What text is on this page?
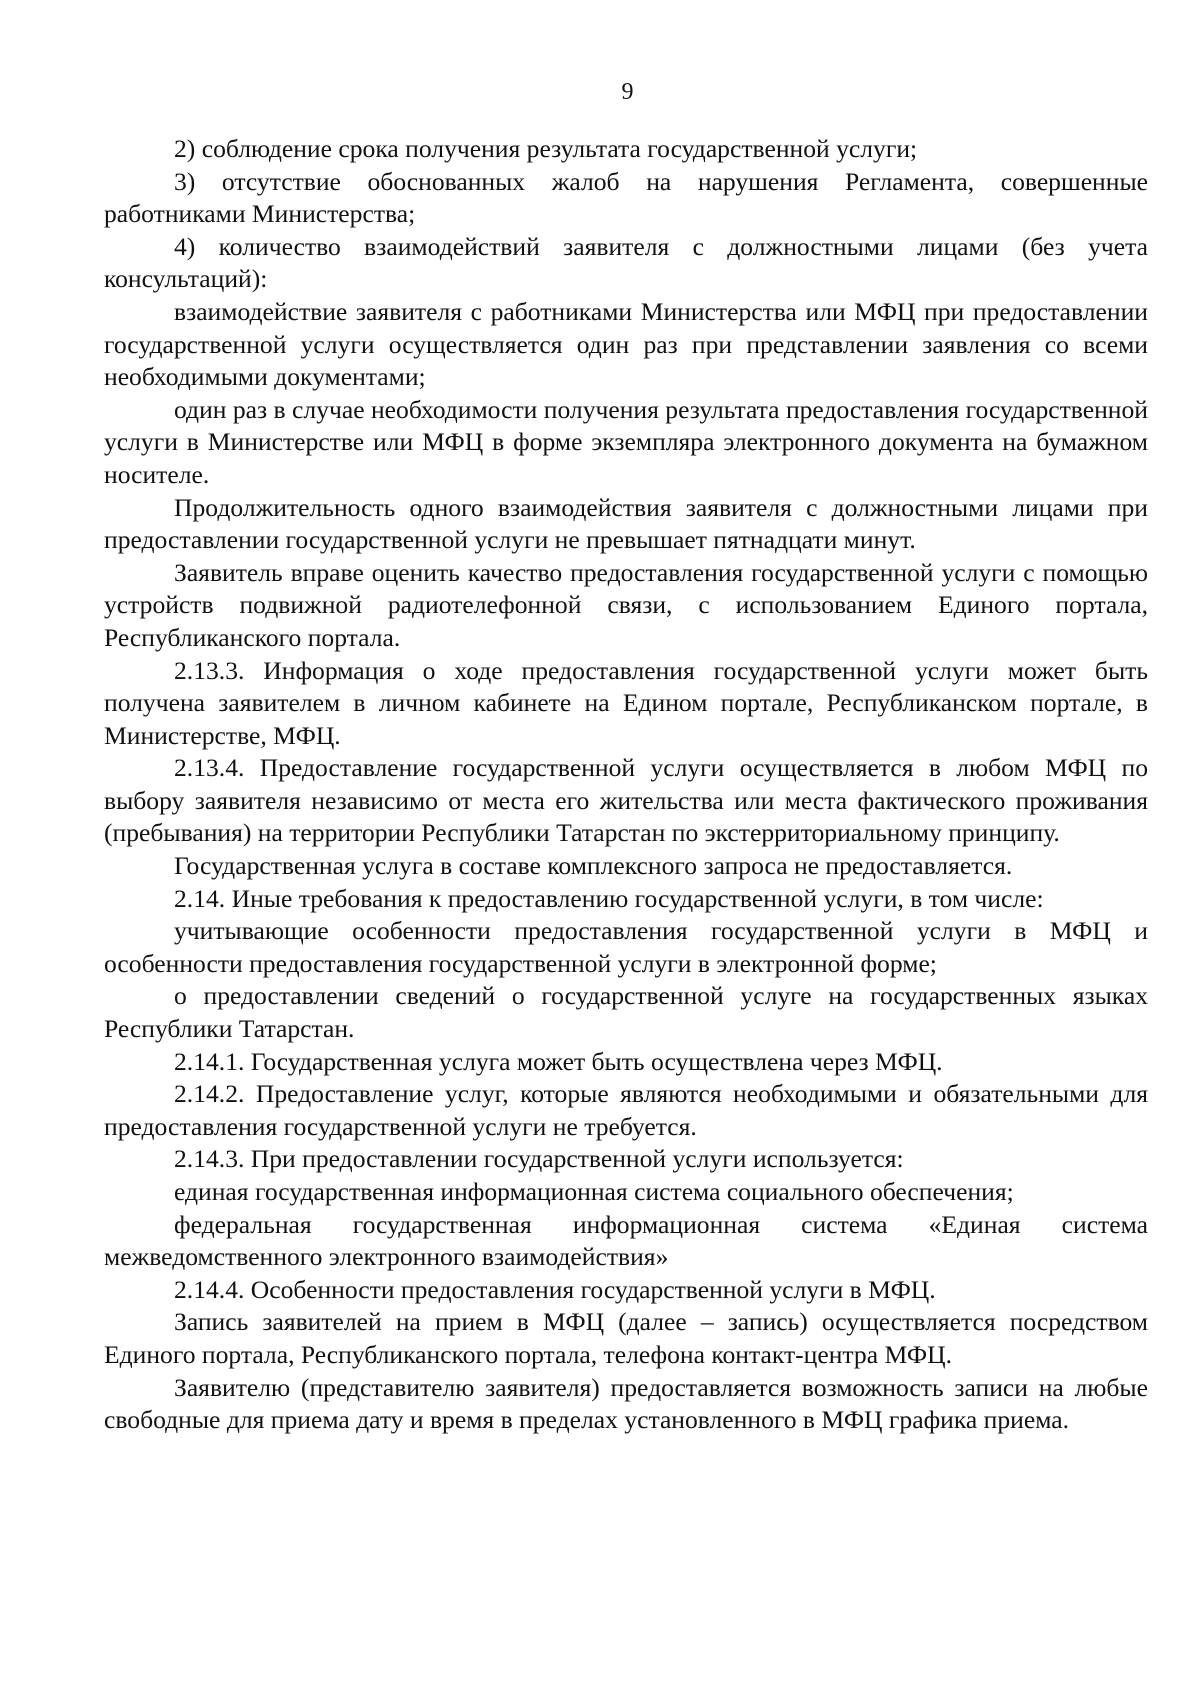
9

2) соблюдение срока получения результата государственной услуги;

3) отсутствие обоснованных жалоб на нарушения Регламента, совершенные работниками Министерства;

4) количество взаимодействий заявителя с должностными лицами (без учета консультаций):

взаимодействие заявителя с работниками Министерства или МФЦ при предоставлении государственной услуги осуществляется один раз при представлении заявления со всеми необходимыми документами;

один раз в случае необходимости получения результата предоставления государственной услуги в Министерстве или МФЦ в форме экземпляра электронного документа на бумажном носителе.

Продолжительность одного взаимодействия заявителя с должностными лицами при предоставлении государственной услуги не превышает пятнадцати минут.

Заявитель вправе оценить качество предоставления государственной услуги с помощью устройств подвижной радиотелефонной связи, с использованием Единого портала, Республиканского портала.

2.13.3. Информация о ходе предоставления государственной услуги может быть получена заявителем в личном кабинете на Едином портале, Республиканском портале, в Министерстве, МФЦ.

2.13.4. Предоставление государственной услуги осуществляется в любом МФЦ по выбору заявителя независимо от места его жительства или места фактического проживания (пребывания) на территории Республики Татарстан по экстерриториальному принципу.

Государственная услуга в составе комплексного запроса не предоставляется.

2.14. Иные требования к предоставлению государственной услуги, в том числе:

учитывающие особенности предоставления государственной услуги в МФЦ и особенности предоставления государственной услуги в электронной форме;

о предоставлении сведений о государственной услуге на государственных языках Республики Татарстан.

2.14.1. Государственная услуга может быть осуществлена через МФЦ.

2.14.2. Предоставление услуг, которые являются необходимыми и обязательными для предоставления государственной услуги не требуется.

2.14.3. При предоставлении государственной услуги используется:

единая государственная информационная система социального обеспечения;

федеральная государственная информационная система «Единая система межведомственного электронного взаимодействия»

2.14.4. Особенности предоставления государственной услуги в МФЦ.

Запись заявителей на прием в МФЦ (далее – запись) осуществляется посредством Единого портала, Республиканского портала, телефона контакт-центра МФЦ.

Заявителю (представителю заявителя) предоставляется возможность записи на любые свободные для приема дату и время в пределах установленного в МФЦ графика приема.
